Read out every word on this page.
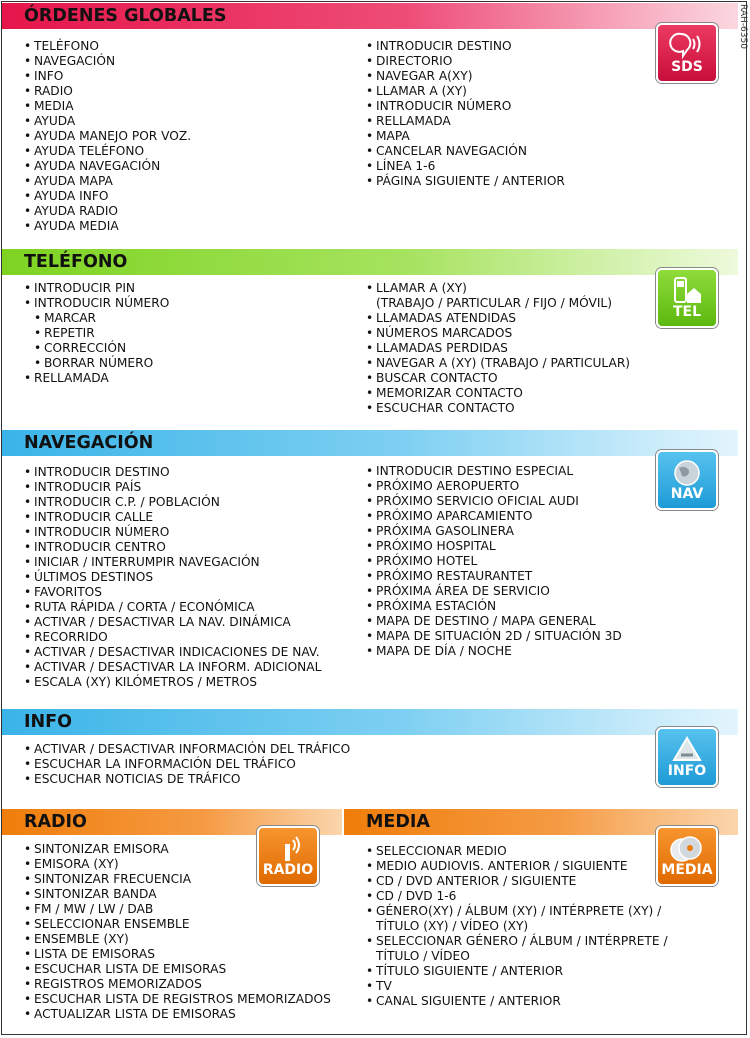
RAH-6350
ÓRDENES GLOBALES
• TELÉFONO
• NAVEGACIÓN
• INFO
• RADIO
• MEDIA
• AYUDA
• AYUDA MANEJO POR VOZ.
• AYUDA TELÉFONO
• AYUDA NAVEGACIÓN
• AYUDA MAPA
• AYUDA INFO
• AYUDA RADIO
• AYUDA MEDIA
• INTRODUCIR DESTINO
• DIRECTORIO
• NAVEGAR A(XY)
• LLAMAR A (XY)
• INTRODUCIR NÚMERO
• RELLAMADA
• MAPA
• CANCELAR NAVEGACIÓN
• LÍNEA 1-6
• PÁGINA SIGUIENTE / ANTERIOR
SDS
TELÉFONO
• INTRODUCIR PIN
• INTRODUCIR NÚMERO
• MARCAR
• REPETIR
• CORRECCIÓN
• BORRAR NÚMERO
• RELLAMADA
• LLAMAR A (XY)
(TRABAJO / PARTICULAR / FIJO / MÓVIL)
• LLAMADAS ATENDIDAS
• NÚMEROS MARCADOS
• LLAMADAS PERDIDAS
• NAVEGAR A (XY) (TRABAJO / PARTICULAR)
• BUSCAR CONTACTO
• MEMORIZAR CONTACTO
• ESCUCHAR CONTACTO
TEL
NAVEGACIÓN
• INTRODUCIR DESTINO
• INTRODUCIR PAÍS
• INTRODUCIR C.P. / POBLACIÓN
• INTRODUCIR CALLE
• INTRODUCIR NÚMERO
• INTRODUCIR CENTRO
• INICIAR / INTERRUMPIR NAVEGACIÓN
• ÚLTIMOS DESTINOS
• FAVORITOS
• RUTA RÁPIDA / CORTA / ECONÓMICA
• ACTIVAR / DESACTIVAR LA NAV. DINÁMICA
• RECORRIDO
• ACTIVAR / DESACTIVAR INDICACIONES DE NAV.
• ACTIVAR / DESACTIVAR LA INFORM. ADICIONAL
• ESCALA (XY) KILÓMETROS / METROS
• INTRODUCIR DESTINO ESPECIAL
• PRÓXIMO AEROPUERTO
• PRÓXIMO SERVICIO OFICIAL AUDI
• PRÓXIMO APARCAMIENTO
• PRÓXIMA GASOLINERA
• PRÓXIMO HOSPITAL
• PRÓXIMO HOTEL
• PRÓXIMO RESTAURANTET
• PRÓXIMA ÁREA DE SERVICIO
• PRÓXIMA ESTACIÓN
• MAPA DE DESTINO / MAPA GENERAL
• MAPA DE SITUACIÓN 2D / SITUACIÓN 3D
• MAPA DE DÍA / NOCHE
NAV
INFO
• ACTIVAR / DESACTIVAR INFORMACIÓN DEL TRÁFICO
• ESCUCHAR LA INFORMACIÓN DEL TRÁFICO
• ESCUCHAR NOTICIAS DE TRÁFICO	INFO
RADIO
• SINTONIZAR EMISORA
• EMISORA (XY)
• SINTONIZAR FRECUENCIA
• SINTONIZAR BANDA
• FM / MW / LW / DAB
• SELECCIONAR ENSEMBLE
• ENSEMBLE (XY)
• LISTA DE EMISORAS
• ESCUCHAR LISTA DE EMISORAS
• REGISTROS MEMORIZADOS
• ESCUCHAR LISTA DE REGISTROS MEMORIZADOS
• ACTUALIZAR LISTA DE EMISORAS
RADIO
MEDIA
• SELECCIONAR MEDIO
• MEDIO AUDIOVIS. ANTERIOR / SIGUIENTE
• CD / DVD ANTERIOR / SIGUIENTE
• CD / DVD 1-6
• GÉNERO(XY) / ÁLBUM (XY) / INTÉRPRETE (XY) /
TÍTULO (XY) / VÍDEO (XY)
• SELECCIONAR GÉNERO / ÁLBUM / INTÉRPRETE /
TÍTULO / VÍDEO
• TÍTULO SIGUIENTE / ANTERIOR
• TV
• CANAL SIGUIENTE / ANTERIOR
MEDIA
